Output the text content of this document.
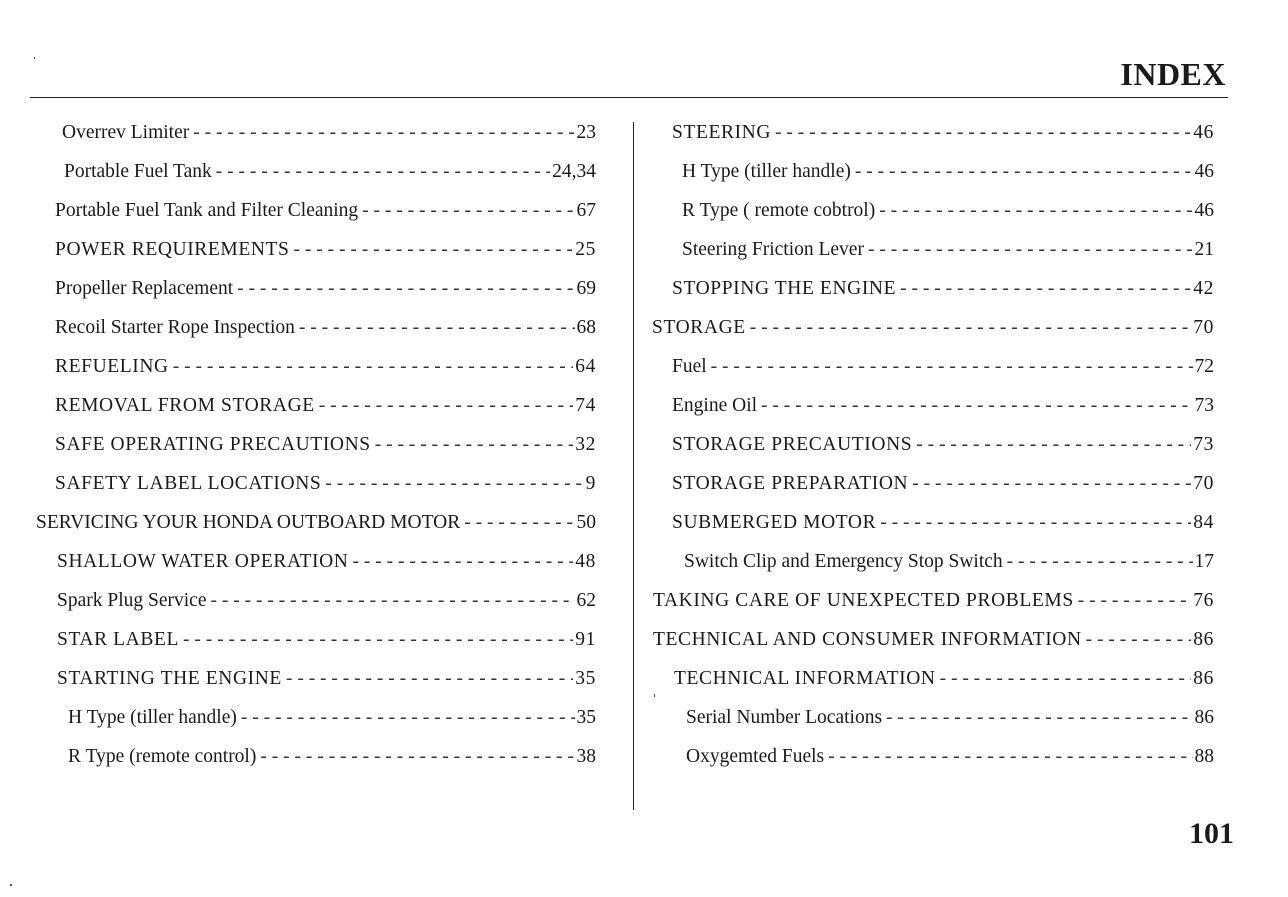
INDEX
Overrev Limiter - - -	23
Portable Fuel Tank - - -	24,34
Portable Fuel Tank and Filter Cleaning - - -	67
POWER REQUIREMENTS - - -	25
Propeller Replacement - - -	69
Recoil Starter Rope Inspection - - -	68
REFUELING - - -	64
REMOVAL FROM STORAGE - - -	74
SAFE OPERATING PRECAUTIONS - - -	32
SAFETY LABEL LOCATIONS - - -	9
SERVICING YOUR HONDA OUTBOARD MOTOR - - -	50
SHALLOW WATER OPERATION - - -	48
Spark Plug Service - - -	62
STAR LABEL - - -	91
STARTING THE ENGINE - - -	35
H Type (tiller handle) - - -	35
R Type (remote control) - - -	38
STEERING - - -	46
H Type (tiller handle) - - -	46
R Type ( remote cobtrol) - - -	46
Steering Friction Lever - - -	21
STOPPING THE ENGINE - - -	42
STORAGE - - -	70
Fuel - - -	72
Engine Oil - - -	73
STORAGE PRECAUTIONS - - -	73
STORAGE PREPARATION - - -	70
SUBMERGED MOTOR - - -	84
Switch Clip and Emergency Stop Switch - - -	17
TAKING CARE OF UNEXPECTED PROBLEMS - - -	76
TECHNICAL AND CONSUMER INFORMATION - - -	86
TECHNICAL INFORMATION - - -	86
Serial Number Locations - - -	86
Oxygemted Fuels - - -	88
101
